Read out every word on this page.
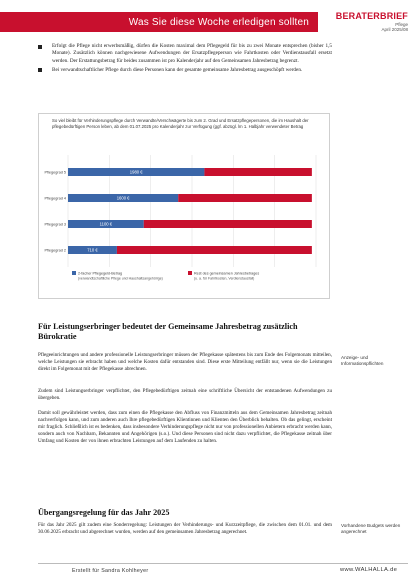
Was Sie diese Woche erledigen sollten
BERATERBRIEF
Pflege
April 2025/08
Erfolgt die Pflege nicht erwerbsmäßig, dürfen die Kosten maximal dem Pflegegeld für bis zu zwei Monate entsprechen (bisher 1,5 Monate). Zusätzlich können nachgewiesene Aufwendungen der Ersatzpflegeperson wie Fahrtkosten oder Verdienstausfall ersetzt werden. Der Erstattungsbetrag für beides zusammen ist pro Kalenderjahr auf den Gemeinsamen Jahresbetrag begrenzt.
Bei verwandtschaftlicher Pflege durch diese Personen kann der gesamte gemeinsame Jahresbetrag ausgeschöpft werden.
So viel bleibt für Verhinderungspflege durch Verwandte/Verschwägerte bis zum 2. Grad und Ersatzpflegepersonen, die im Haushalt der pflegebedürftigen Person leben, ab dem 01.07.2025 pro Kalenderjahr zur Verfügung (ggf. abzügl. lm 1. Halbjahr verwendeter Betrag
Pflegegrad 5	1980 €
Pflegegrad 4	1600 €
Pflegegrad 3	1100 €
Pflegegrad 2	710 €
2-facher Pflegegeld-Betrag
(verwandtschaftliche Pflege und Haushaltsangehörige)
Rest des gemeinsamen Jahresbetrages
(u. a. für Fahrtkosten, Verdienstausfall)
Für Leistungserbringer bedeutet der Gemeinsame Jahresbetrag zusätzlich Bürokratie
Anzeige- und Informationspflichten
Pflegeeinrichtungen und andere professionelle Leistungserbringer müssen der Pflegekasse spätestens bis zum Ende des Folgemonats mitteilen, welche Leistungen sie erbracht haben und welche Kosten dafür entstanden sind. Diese erste Mitteilung entfällt nur, wenn sie die Leistungen direkt im Folgemonat mit der Pflegekasse abrechnen.
Zudem sind Leistungserbringer verpflichtet, den Pflegebedürftigen zeitnah eine schriftliche Übersicht der entstandenen Aufwendungen zu übergeben.
Damit soll gewährleistet werden, dass zum einen die Pflegekasse den Abfluss von Finanzmitteln aus dem Gemeinsamen Jahresbetrag zeitnah nachverfolgen kann, und zum anderen auch Ihre pflegebedürftigen Klientinnen und Klienten den Überblick behalten. Ob das gelingt, erscheint mir fraglich. Schließlich ist es bedenken, dass insbesondere Verhinderungspflege nicht nur von professionellen Anbietern erbracht werden kann, sondern auch von Nachbarn, Bekannten und Angehörigen (s.o.). Und diese Personen sind nicht dazu verpflichtet, die Pflegekasse zeitnah über Umfang und Kosten der von ihnen erbrachten Leistungen auf dem Laufenden zu halten.
Übergangsregelung für das Jahr 2025
Vorhandene Budgets werden angerechnet
Für das Jahr 2025 gilt zudem eine Sonderregelung: Leistungen der Verhinderungs- und Kurzzeitpflege, die zwischen dem 01.01. und dem 30.06.2025 erbracht und abgerechnet wurden, werden auf den gemeinsamen Jahresbetrag angerechnet.
Erstellt für Sandra Kohlheyer	www.WALHALLA.de
